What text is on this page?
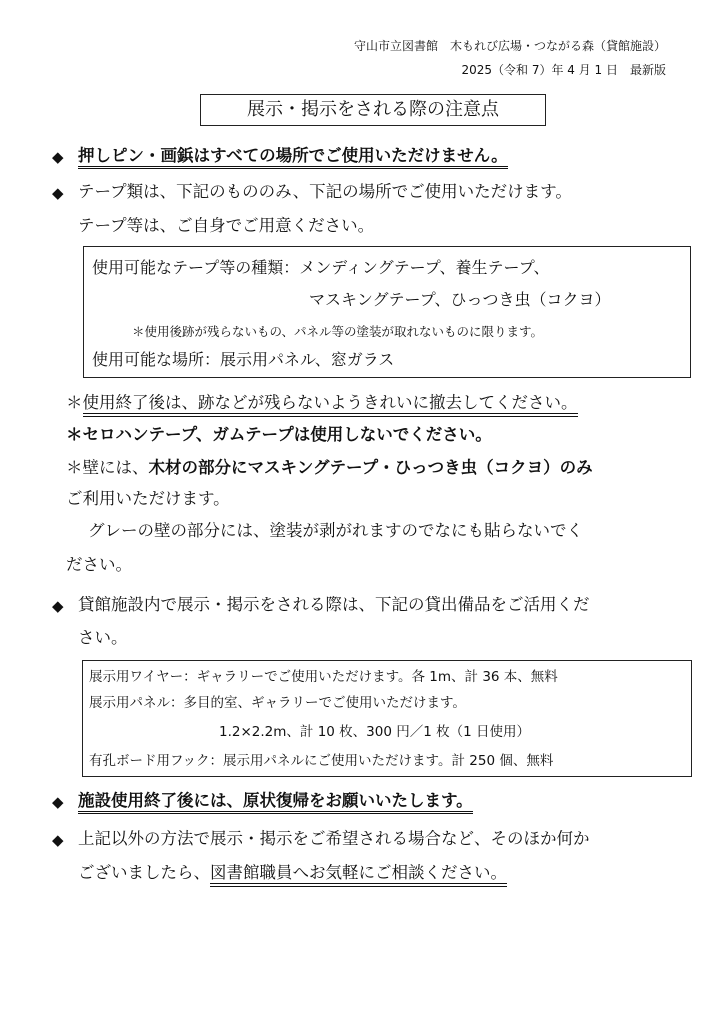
守山市立図書館　木もれび広場・つながる森（貸館施設）
2025（令和 7）年 4 月 1 日　最新版
展示・掲示をされる際の注意点
◆ 押しピン・画鋲はすべての場所でご使用いただけません。
◆ テープ類は、下記のもののみ、下記の場所でご使用いただけます。
テープ等は、ご自身でご用意ください。
使用可能なテープ等の種類：メンディングテープ、養生テープ、
マスキングテープ、ひっつき虫（コクヨ）
＊使用後跡が残らないもの、パネル等の塗装が取れないものに限ります。
使用可能な場所：展示用パネル、窓ガラス
＊使用終了後は、跡などが残らないようきれいに撤去してください。
＊セロハンテープ、ガムテープは使用しないでください。
＊壁には、木材の部分にマスキングテープ・ひっつき虫（コクヨ）のみ
ご利用いただけます。
グレーの壁の部分には、塗装が剥がれますのでなにも貼らないでく
ださい。
◆ 貸館施設内で展示・掲示をされる際は、下記の貸出備品をご活用くだ
さい。
展示用ワイヤー：ギャラリーでご使用いただけます。各 1m、計 36 本、無料
展示用パネル：多目的室、ギャラリーでご使用いただけます。
1.2×2.2m、計 10 枚、300 円／1 枚（1 日使用）
有孔ボード用フック：展示用パネルにご使用いただけます。計 250 個、無料
◆ 施設使用終了後には、原状復帰をお願いいたします。
◆ 上記以外の方法で展示・掲示をご希望される場合など、そのほか何か
ございましたら、図書館職員へお気軽にご相談ください。
